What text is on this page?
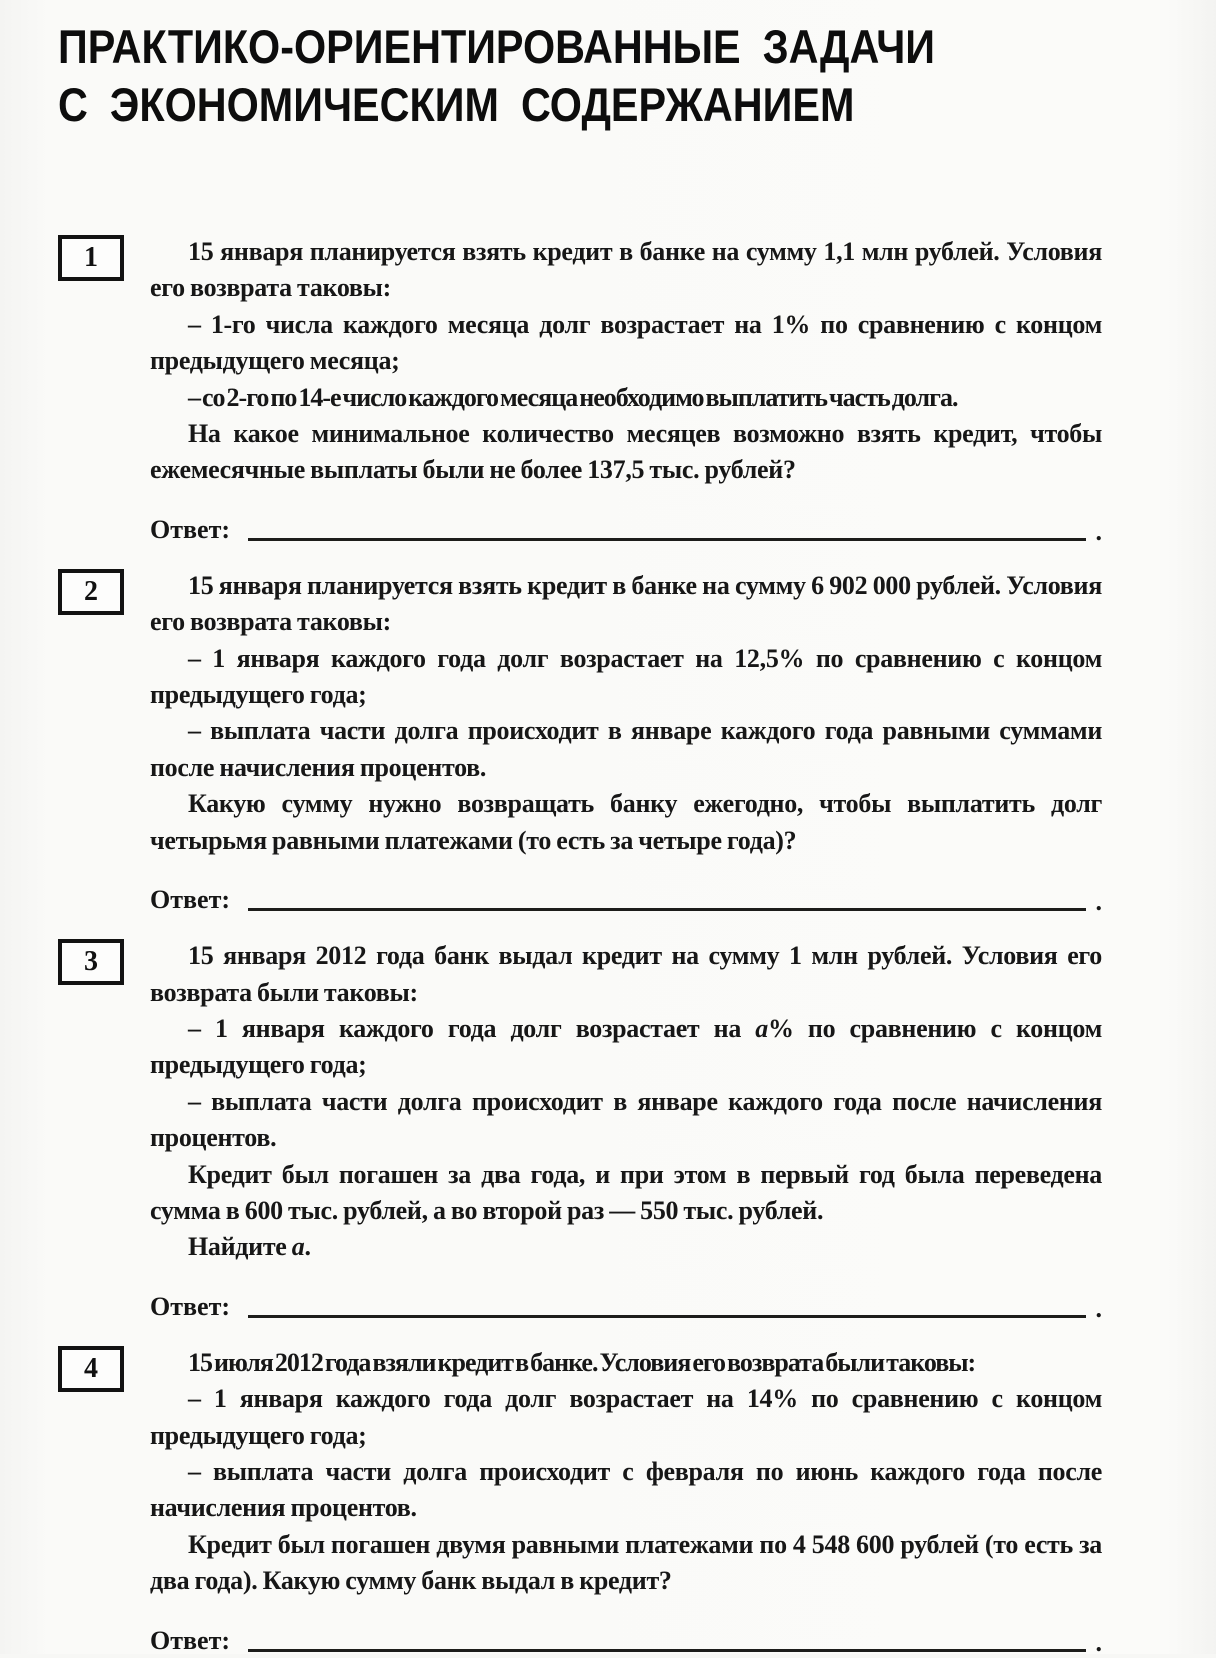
ПРАКТИКО-ОРИЕНТИРОВАННЫЕ ЗАДАЧИ
С ЭКОНОМИЧЕСКИМ СОДЕРЖАНИЕМ
1	15 января планируется взять кредит в банке на сумму 1,1 млн рублей. Условия его возврата таковы:

– 1-го числа каждого месяца долг возрастает на 1% по сравнению с концом предыдущего месяца;

– со 2-го по 14-е число каждого месяца необходимо выплатить часть долга.

На какое минимальное количество месяцев возможно взять кредит, чтобы ежемесячные выплаты были не более 137,5 тыс. рублей?

Ответ:	.
2	15 января планируется взять кредит в банке на сумму 6 902 000 рублей. Условия его возврата таковы:

– 1 января каждого года долг возрастает на 12,5% по сравнению с концом предыдущего года;

– выплата части долга происходит в январе каждого года равными суммами после начисления процентов.

Какую сумму нужно возвращать банку ежегодно, чтобы выплатить долг четырьмя равными платежами (то есть за четыре года)?

Ответ:	.
3	15 января 2012 года банк выдал кредит на сумму 1 млн рублей. Условия его возврата были таковы:

– 1 января каждого года долг возрастает на a% по сравнению с концом предыдущего года;

– выплата части долга происходит в январе каждого года после начисления процентов.

Кредит был погашен за два года, и при этом в первый год была переведена сумма в 600 тыс. рублей, а во второй раз — 550 тыс. рублей.

Найдите a.

Ответ:	.
4	15 июля 2012 года взяли кредит в банке. Условия его возврата были таковы:

– 1 января каждого года долг возрастает на 14% по сравнению с концом предыдущего года;

– выплата части долга происходит с февраля по июнь каждого года после начисления процентов.

Кредит был погашен двумя равными платежами по 4 548 600 рублей (то есть за два года). Какую сумму банк выдал в кредит?

Ответ:	.
